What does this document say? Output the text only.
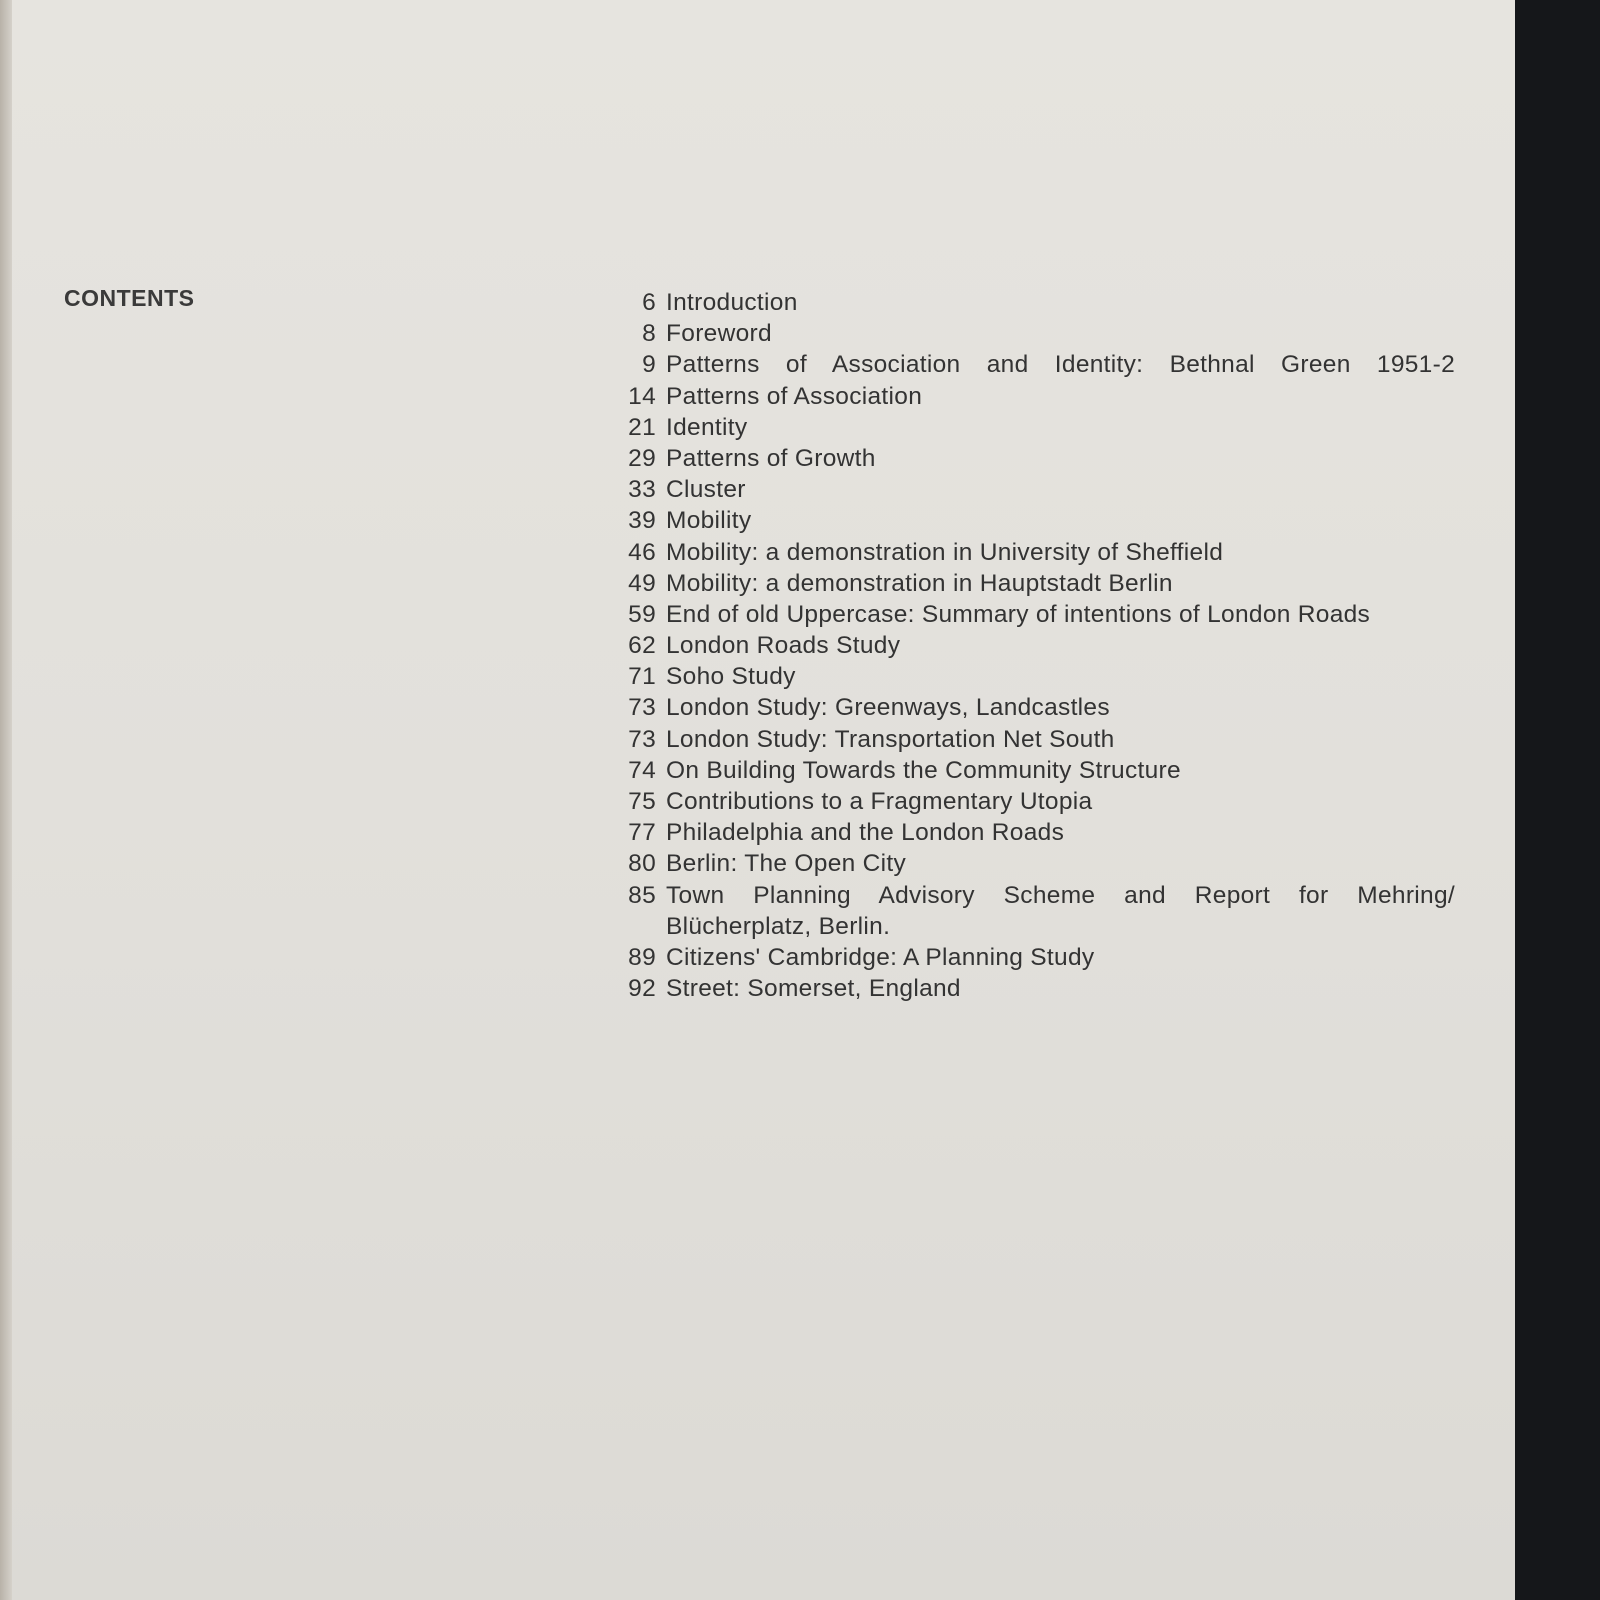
CONTENTS	6 Introduction
8 Foreword
9 Patterns of Association and Identity: Bethnal Green 1951-2
14 Patterns of Association
21 Identity
29 Patterns of Growth
33 Cluster
39 Mobility
46 Mobility: a demonstration in University of Sheffield
49 Mobility: a demonstration in Hauptstadt Berlin
59 End of old Uppercase: Summary of intentions of London Roads
62 London Roads Study
71 Soho Study
73 London Study: Greenways, Landcastles
73 London Study: Transportation Net South
74 On Building Towards the Community Structure
75 Contributions to a Fragmentary Utopia
77 Philadelphia and the London Roads
80 Berlin: The Open City
85 Town Planning Advisory Scheme and Report for Mehring/
Blücherplatz, Berlin.
89 Citizens' Cambridge: A Planning Study
92 Street: Somerset, England
